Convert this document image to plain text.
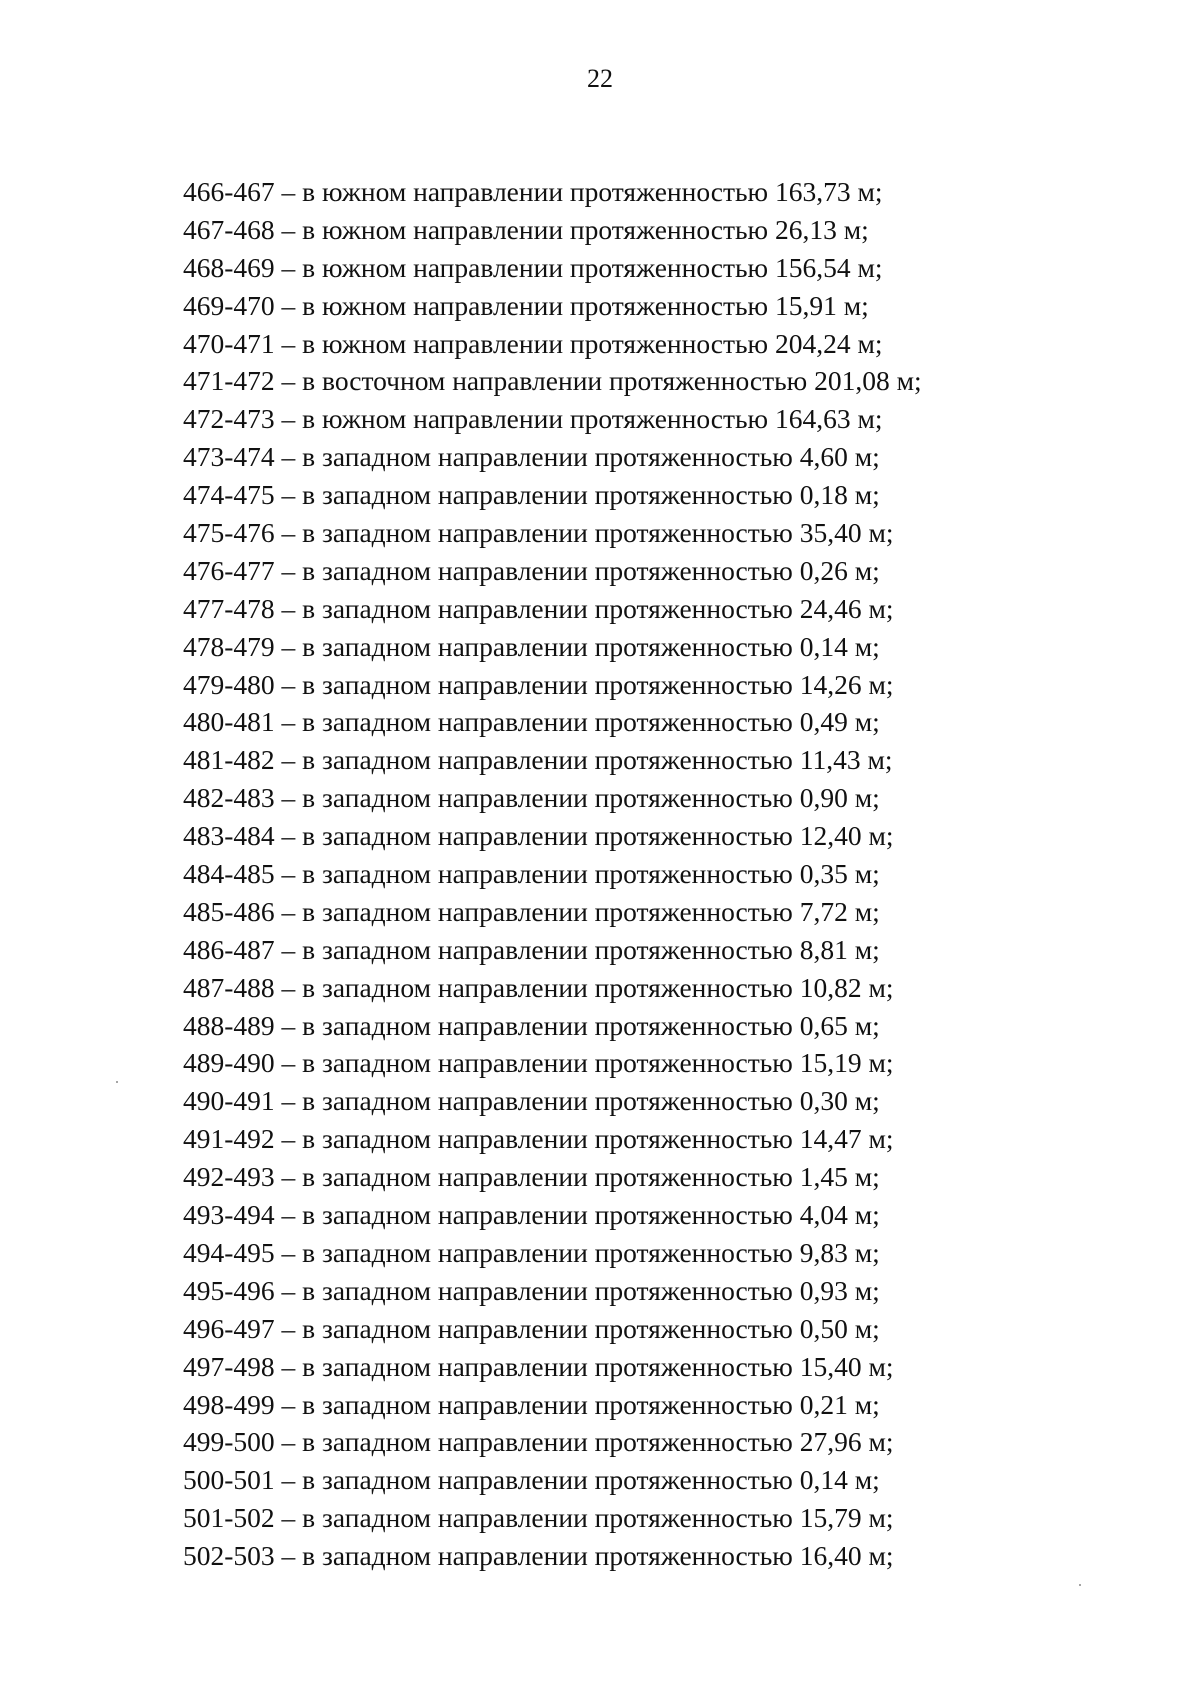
22
466-467 – в южном направлении протяженностью 163,73 м;
467-468 – в южном направлении протяженностью 26,13 м;
468-469 – в южном направлении протяженностью 156,54 м;
469-470 – в южном направлении протяженностью 15,91 м;
470-471 – в южном направлении протяженностью 204,24 м;
471-472 – в восточном направлении протяженностью 201,08 м;
472-473 – в южном направлении протяженностью 164,63 м;
473-474 – в западном направлении протяженностью 4,60 м;
474-475 – в западном направлении протяженностью 0,18 м;
475-476 – в западном направлении протяженностью 35,40 м;
476-477 – в западном направлении протяженностью 0,26 м;
477-478 – в западном направлении протяженностью 24,46 м;
478-479 – в западном направлении протяженностью 0,14 м;
479-480 – в западном направлении протяженностью 14,26 м;
480-481 – в западном направлении протяженностью 0,49 м;
481-482 – в западном направлении протяженностью 11,43 м;
482-483 – в западном направлении протяженностью 0,90 м;
483-484 – в западном направлении протяженностью 12,40 м;
484-485 – в западном направлении протяженностью 0,35 м;
485-486 – в западном направлении протяженностью 7,72 м;
486-487 – в западном направлении протяженностью 8,81 м;
487-488 – в западном направлении протяженностью 10,82 м;
488-489 – в западном направлении протяженностью 0,65 м;
489-490 – в западном направлении протяженностью 15,19 м;
490-491 – в западном направлении протяженностью 0,30 м;
491-492 – в западном направлении протяженностью 14,47 м;
492-493 – в западном направлении протяженностью 1,45 м;
493-494 – в западном направлении протяженностью 4,04 м;
494-495 – в западном направлении протяженностью 9,83 м;
495-496 – в западном направлении протяженностью 0,93 м;
496-497 – в западном направлении протяженностью 0,50 м;
497-498 – в западном направлении протяженностью 15,40 м;
498-499 – в западном направлении протяженностью 0,21 м;
499-500 – в западном направлении протяженностью 27,96 м;
500-501 – в западном направлении протяженностью 0,14 м;
501-502 – в западном направлении протяженностью 15,79 м;
502-503 – в западном направлении протяженностью 16,40 м;
